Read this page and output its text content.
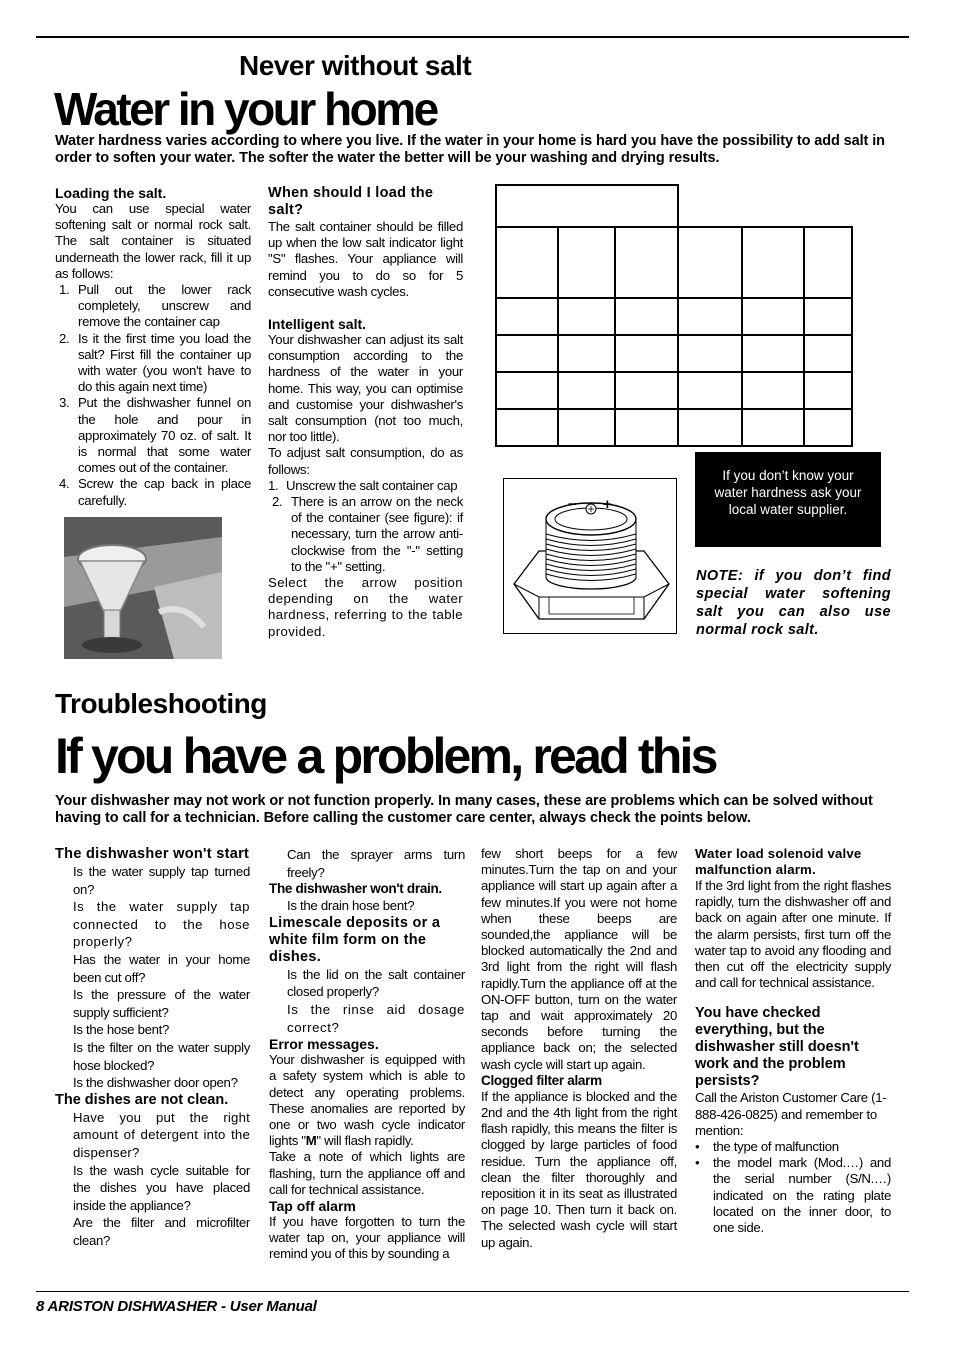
Never without salt
Water in your home
Water hardness varies according to where you live. If the water in your home is hard you have the possibility to add salt in order to soften your water. The softer the water the better will be your washing and drying results.

Loading the salt.

You can use special water softening salt or normal rock salt. The salt container is situated underneath the lower rack, fill it up as follows:

1. Pull out the lower rack completely, unscrew and remove the container cap
2. Is it the first time you load the salt? First fill the container up with water (you won't have to do this again next time)
3. Put the dishwasher funnel on the hole and pour in approximately 70 oz. of salt. It is normal that some water comes out of the container.
4. Screw the cap back in place carefully.

When should I load the salt?

The salt container should be filled up when the low salt indicator light "S" flashes. Your appliance will remind you to do so for 5 consecutive wash cycles.

Intelligent salt.

Your dishwasher can adjust its salt consumption according to the hardness of the water in your home. This way, you can optimise and customise your dishwasher's salt consumption (not too much, nor too little).

To adjust salt consumption, do as follows:

1. Unscrew the salt container cap
2. There is an arrow on the neck of the container (see figure): if necessary, turn the arrow anti-clockwise from the "-" setting to the "+" setting.

Select the arrow position depending on the water hardness, referring to the table provided.

− +
If you don’t know your water hardness ask your local water supplier.
NOTE: if you don’t find special water softening salt you can also use normal rock salt.
Troubleshooting
If you have a problem, read this
Your dishwasher may not work or not function properly. In many cases, these are problems which can be solved without having to call for a technician. Before calling the customer care center, always check the points below.

The dishwasher won't start

Is the water supply tap turned on?

Is the water supply tap connected to the hose properly?

Has the water in your home been cut off?

Is the pressure of the water supply sufficient?

Is the hose bent?

Is the filter on the water supply hose blocked?

Is the dishwasher door open?

The dishes are not clean.

Have you put the right amount of detergent into the dispenser?

Is the wash cycle suitable for the dishes you have placed inside the appliance?

Are the filter and microfilter clean?

Can the sprayer arms turn freely?

The dishwasher won't drain.

Is the drain hose bent?

Limescale deposits or a white film form on the dishes.

Is the lid on the salt container closed properly?

Is the rinse aid dosage correct?

Error messages.

Your dishwasher is equipped with a safety system which is able to detect any operating problems. These anomalies are reported by one or two wash cycle indicator lights "M" will flash rapidly.

Take a note of which lights are flashing, turn the appliance off and call for technical assistance.

Tap off alarm

If you have forgotten to turn the water tap on, your appliance will remind you of this by sounding a

few short beeps for a few minutes.Turn the tap on and your appliance will start up again after a few minutes.If you were not home when these beeps are sounded,the appliance will be blocked automatically the 2nd and 3rd light from the right will flash rapidly.Turn the appliance off at the ON-OFF button, turn on the water tap and wait approximately 20 seconds before turning the appliance back on; the selected wash cycle will start up again.

Clogged filter alarm

If the appliance is blocked and the 2nd and the 4th light from the right flash rapidly, this means the filter is clogged by large particles of food residue. Turn the appliance off, clean the filter thoroughly and reposition it in its seat as illustrated on page 10. Then turn it back on. The selected wash cycle will start up again.

Water load solenoid valve malfunction alarm.

If the 3rd light from the right flashes rapidly, turn the dishwasher off and back on again after one minute. If the alarm persists, first turn off the water tap to avoid any flooding and then cut off the electricity supply and call for technical assistance.

You have checked everything, but the dishwasher still doesn't work and the problem persists?

Call the Ariston Customer Care (1-888-426-0825) and remember to mention:

• the type of malfunction
• the model mark (Mod.…) and the serial number (S/N.…) indicated on the rating plate located on the inner door, to one side.
8 ARISTON DISHWASHER - User Manual
